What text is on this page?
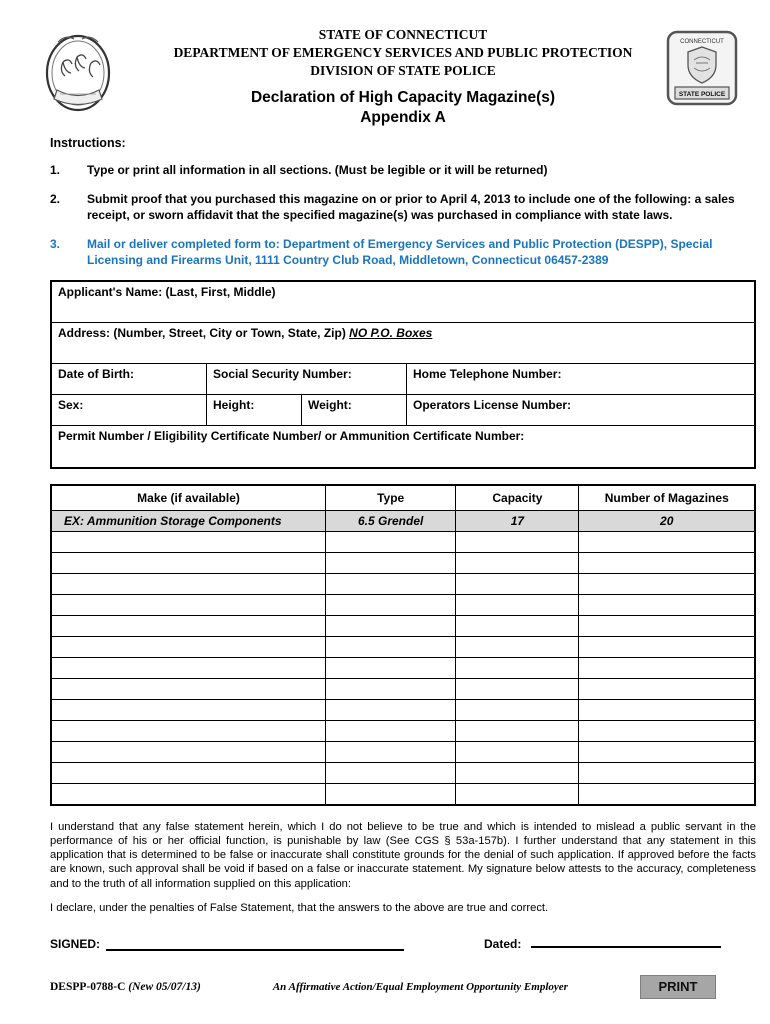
CONNECTICUT
STATE POLICE
STATE OF CONNECTICUT
DEPARTMENT OF EMERGENCY SERVICES AND PUBLIC PROTECTION
DIVISION OF STATE POLICE
Declaration of High Capacity Magazine(s)
Appendix A
Instructions:
1.	Type or print all information in all sections. (Must be legible or it will be returned)
2.	Submit proof that you purchased this magazine on or prior to April 4, 2013 to include one of the following: a sales receipt, or sworn affidavit that the specified magazine(s) was purchased in compliance with state laws.
3.	Mail or deliver completed form to: Department of Emergency Services and Public Protection (DESPP), Special Licensing and Firearms Unit, 1111 Country Club Road, Middletown, Connecticut 06457-2389
Applicant's Name: (Last, First, Middle)
Address: (Number, Street, City or Town, State, Zip) NO P.O. Boxes
Date of Birth:	Social Security Number:	Home Telephone Number:
Sex:	Height:	Weight:	Operators License Number:
Permit Number / Eligibility Certificate Number/ or Ammunition Certificate Number:
Make (if available)	Type	Capacity	Number of Magazines
EX: Ammunition Storage Components	6.5 Grendel	17	20

I understand that any false statement herein, which I do not believe to be true and which is intended to mislead a public servant in the performance of his or her official function, is punishable by law (See CGS § 53a-157b). I further understand that any statement in this application that is determined to be false or inaccurate shall constitute grounds for the denial of such application. If approved before the facts are known, such approval shall be void if based on a false or inaccurate statement. My signature below attests to the accuracy, completeness and to the truth of all information supplied on this application:
I declare, under the penalties of False Statement, that the answers to the above are true and correct.
SIGNED:	Dated:
DESPP-0788-C (New 05/07/13)	An Affirmative Action/Equal Employment Opportunity Employer	PRINT
